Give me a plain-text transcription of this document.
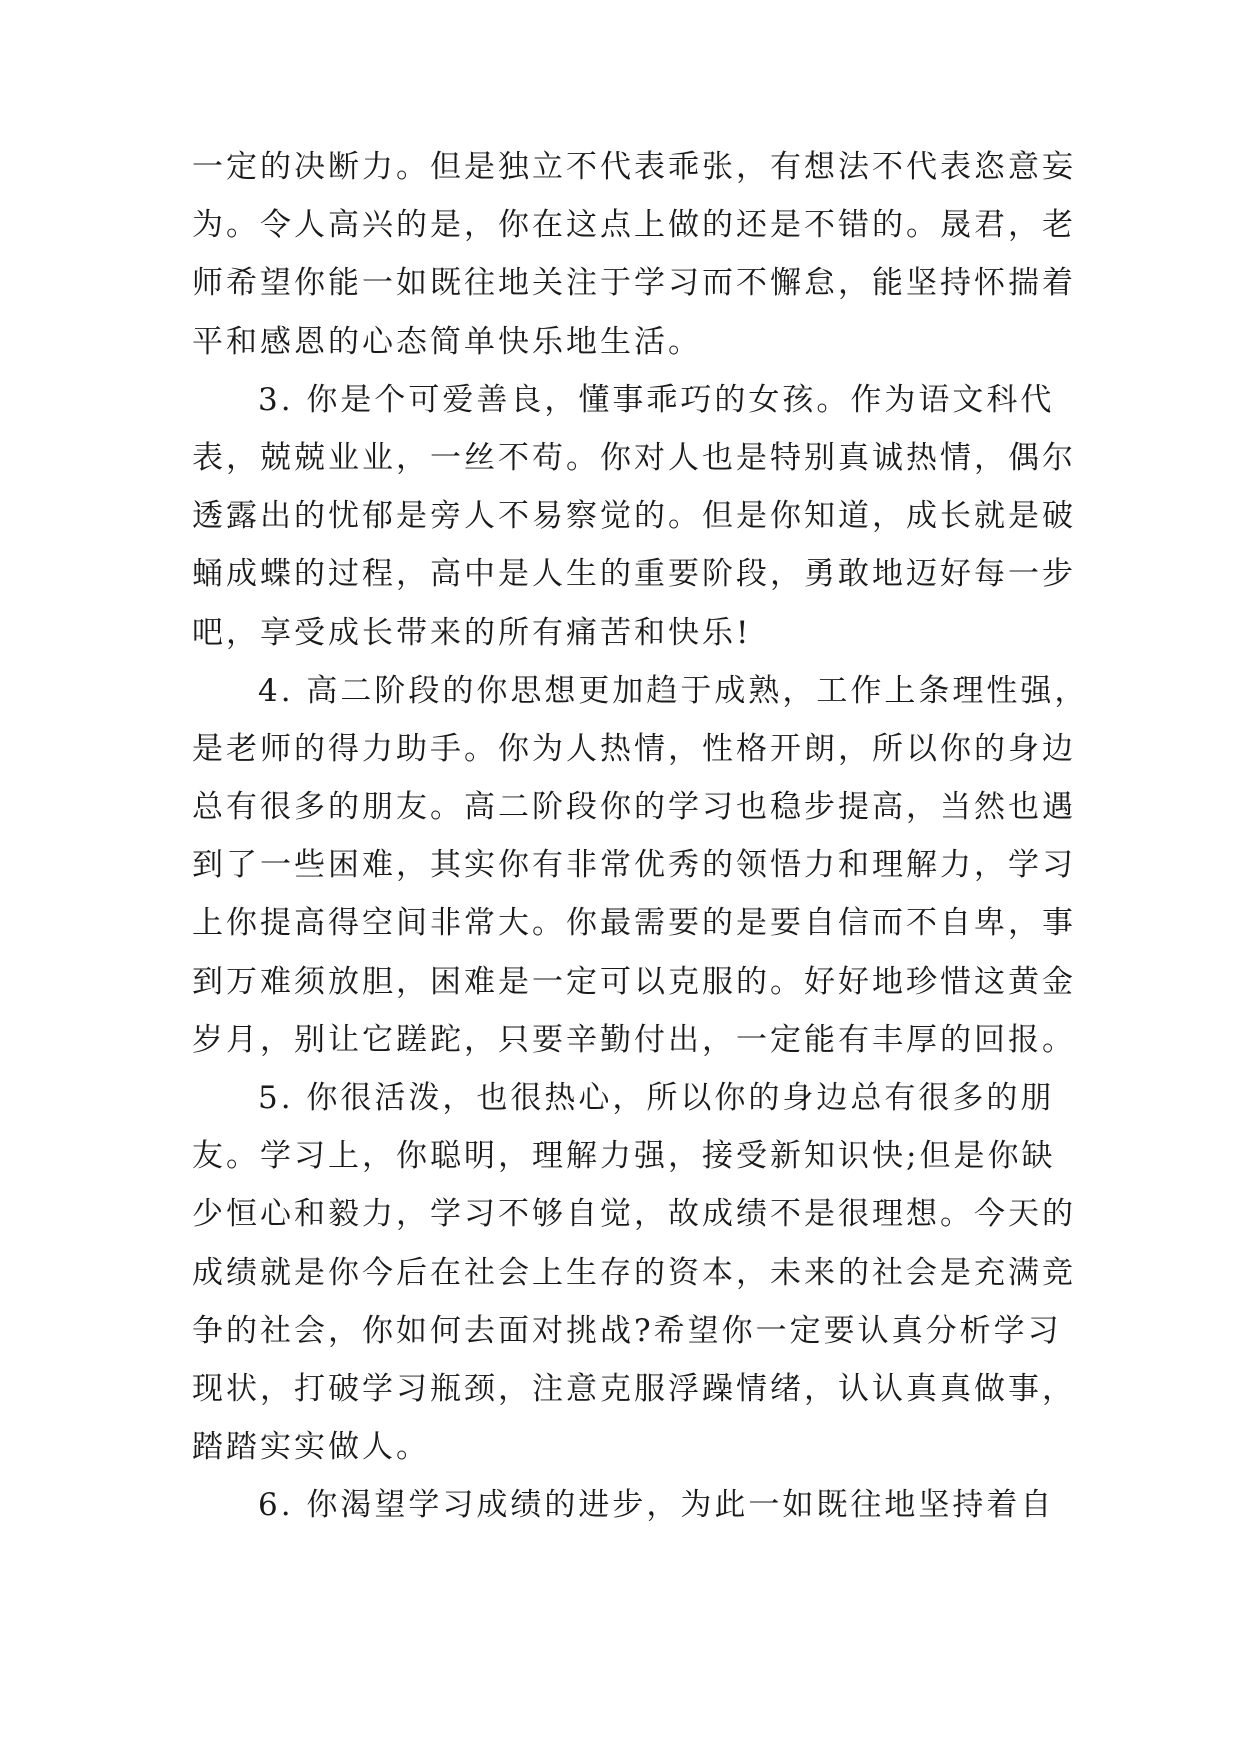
一定的决断力。但是独立不代表乖张，有想法不代表恣意妄
为。令人高兴的是，你在这点上做的还是不错的。晟君，老
师希望你能一如既往地关注于学习而不懈怠，能坚持怀揣着
平和感恩的心态简单快乐地生活。
3. 你是个可爱善良，懂事乖巧的女孩。作为语文科代
表，兢兢业业，一丝不苟。你对人也是特别真诚热情，偶尔
透露出的忧郁是旁人不易察觉的。但是你知道，成长就是破
蛹成蝶的过程，高中是人生的重要阶段，勇敢地迈好每一步
吧，享受成长带来的所有痛苦和快乐!
4. 高二阶段的你思想更加趋于成熟，工作上条理性强，
是老师的得力助手。你为人热情，性格开朗，所以你的身边
总有很多的朋友。高二阶段你的学习也稳步提高，当然也遇
到了一些困难，其实你有非常优秀的领悟力和理解力，学习
上你提高得空间非常大。你最需要的是要自信而不自卑，事
到万难须放胆，困难是一定可以克服的。好好地珍惜这黄金
岁月，别让它蹉跎，只要辛勤付出，一定能有丰厚的回报。
5. 你很活泼，也很热心，所以你的身边总有很多的朋
友。学习上，你聪明，理解力强，接受新知识快;但是你缺
少恒心和毅力，学习不够自觉，故成绩不是很理想。今天的
成绩就是你今后在社会上生存的资本，未来的社会是充满竞
争的社会，你如何去面对挑战?希望你一定要认真分析学习
现状，打破学习瓶颈，注意克服浮躁情绪，认认真真做事，
踏踏实实做人。
6. 你渴望学习成绩的进步，为此一如既往地坚持着自
